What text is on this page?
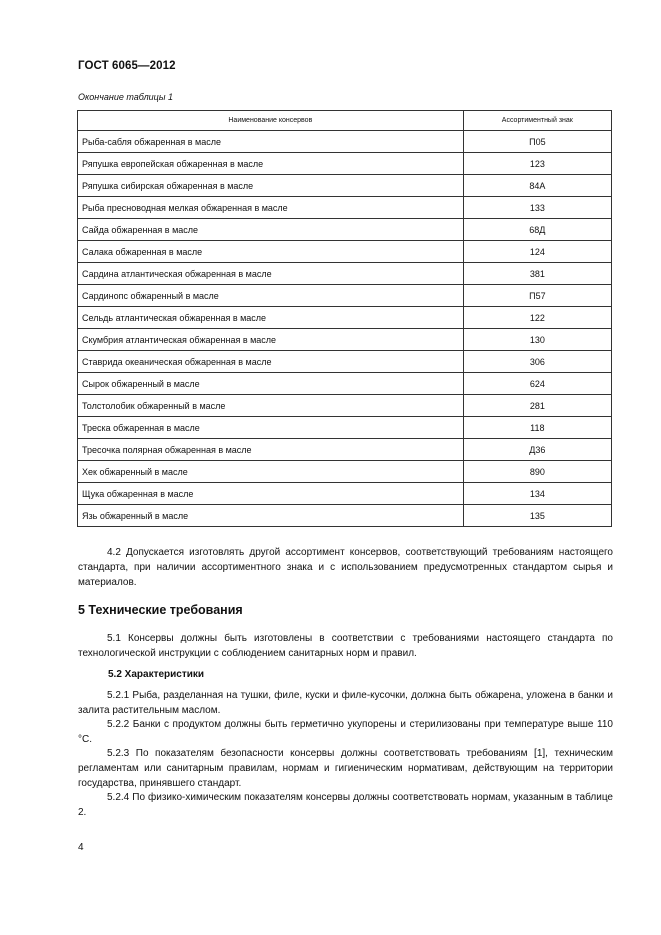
ГОСТ 6065—2012
Окончание таблицы 1
Наименование консервов	Ассортиментный знак
Рыба-сабля обжаренная в масле	П05
Ряпушка европейская обжаренная в масле	123
Ряпушка сибирская обжаренная в масле	84А
Рыба пресноводная мелкая обжаренная в масле	133
Сайда обжаренная в масле	68Д
Салака обжаренная в масле	124
Сардина атлантическая обжаренная в масле	381
Сардинопс обжаренный в масле	П57
Сельдь атлантическая обжаренная в масле	122
Скумбрия атлантическая обжаренная в масле	130
Ставрида океаническая обжаренная в масле	306
Сырок обжаренный в масле	624
Толстолобик обжаренный в масле	281
Треска обжаренная в масле	118
Тресочка полярная обжаренная в масле	Д36
Хек обжаренный в масле	890
Щука обжаренная в масле	134
Язь обжаренный в масле	135

4.2 Допускается изготовлять другой ассортимент консервов, соответствующий требованиям настоящего стандарта, при наличии ассортиментного знака и с использованием предусмотренных стандартом сырья и материалов.

5 Технические требования

5.1 Консервы должны быть изготовлены в соответствии с требованиями настоящего стандарта по технологической инструкции с соблюдением санитарных норм и правил.

5.2 Характеристики

5.2.1 Рыба, разделанная на тушки, филе, куски и филе-кусочки, должна быть обжарена, уложена в банки и залита растительным маслом.

5.2.2 Банки с продуктом должны быть герметично укупорены и стерилизованы при температуре выше 110 °С.

5.2.3 По показателям безопасности консервы должны соответствовать требованиям [1], техническим регламентам или санитарным правилам, нормам и гигиеническим нормативам, действующим на территории государства, принявшего стандарт.

5.2.4 По физико-химическим показателям консервы должны соответствовать нормам, указанным в таблице 2.

4
